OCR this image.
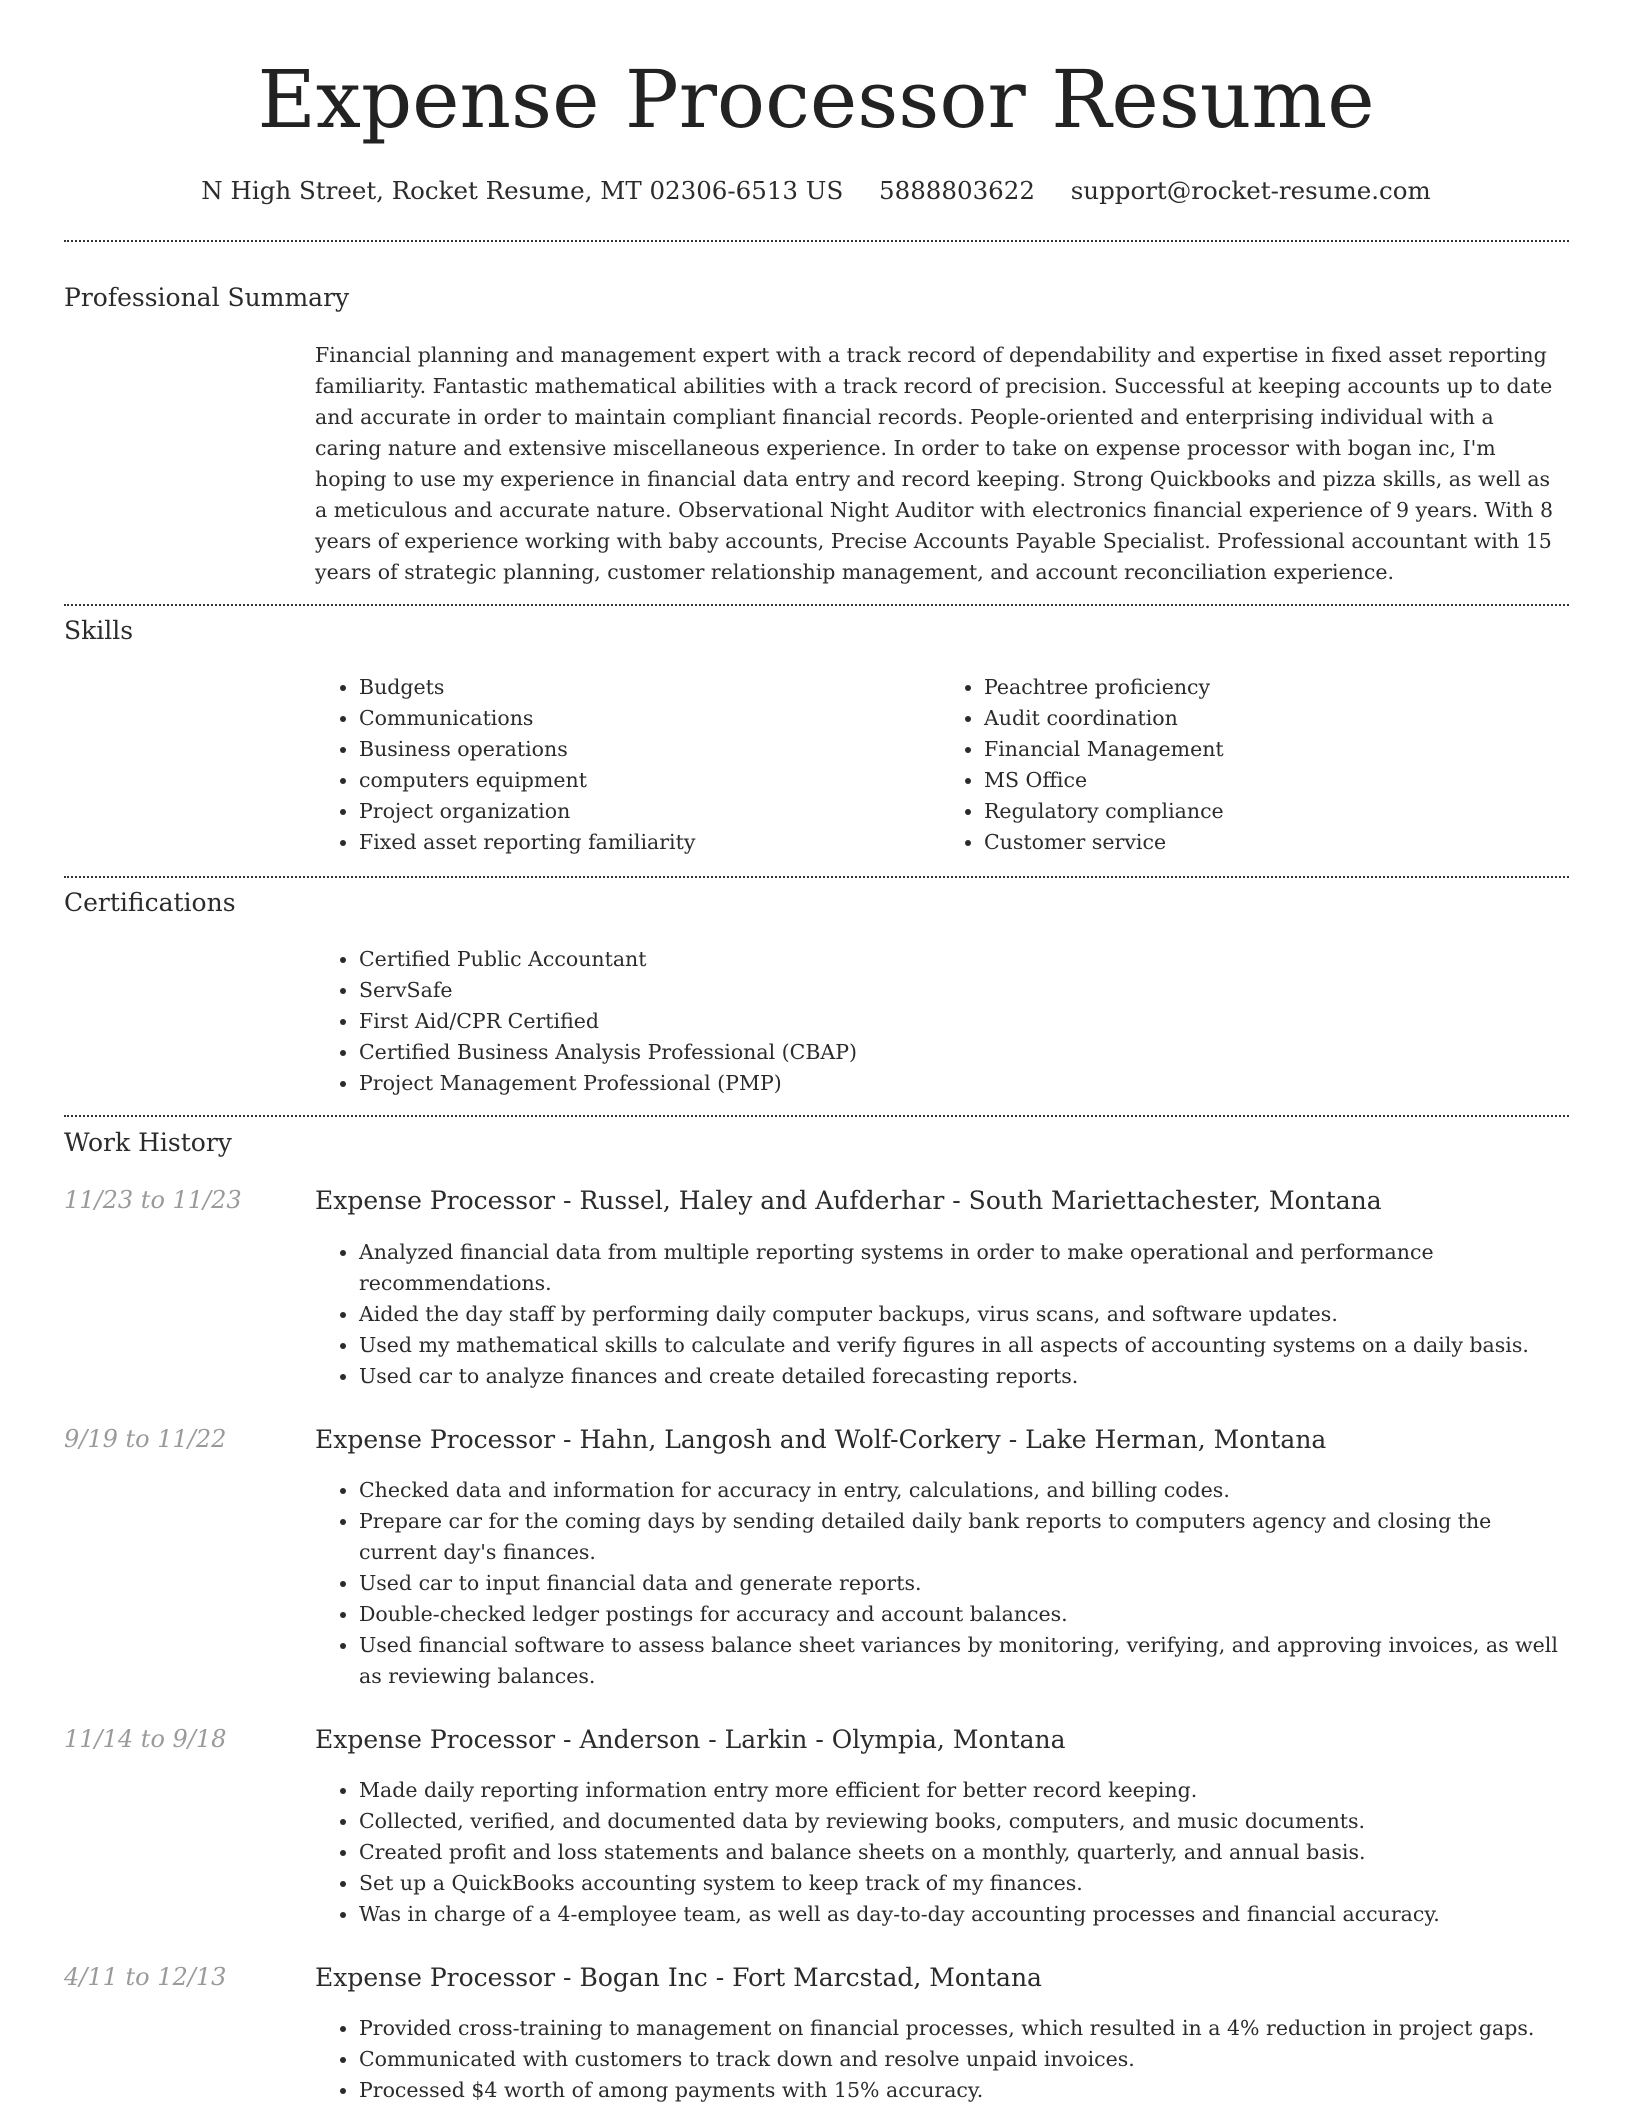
Expense Processor Resume
N High Street, Rocket Resume, MT 02306-6513 US 5888803622 support@rocket-resume.com
Professional Summary

Financial planning and management expert with a track record of dependability and expertise in fixed asset reporting familiarity. Fantastic mathematical abilities with a track record of precision. Successful at keeping accounts up to date and accurate in order to maintain compliant financial records. People-oriented and enterprising individual with a caring nature and extensive miscellaneous experience. In order to take on expense processor with bogan inc, I'm hoping to use my experience in financial data entry and record keeping. Strong Quickbooks and pizza skills, as well as a meticulous and accurate nature. Observational Night Auditor with electronics financial experience of 9 years. With 8 years of experience working with baby accounts, Precise Accounts Payable Specialist. Professional accountant with 15 years of strategic planning, customer relationship management, and account reconciliation experience.

Skills
• Budgets
• Communications
• Business operations
• computers equipment
• Project organization
• Fixed asset reporting familiarity
• Peachtree proficiency
• Audit coordination
• Financial Management
• MS Office
• Regulatory compliance
• Customer service
Certifications
• Certified Public Accountant
• ServSafe
• First Aid/CPR Certified
• Certified Business Analysis Professional (CBAP)
• Project Management Professional (PMP)
Work History
11/23 to 11/23	Expense Processor - Russel, Haley and Aufderhar - South Mariettachester, Montana
• Analyzed financial data from multiple reporting systems in order to make operational and performance recommendations.
• Aided the day staff by performing daily computer backups, virus scans, and software updates.
• Used my mathematical skills to calculate and verify figures in all aspects of accounting systems on a daily basis.
• Used car to analyze finances and create detailed forecasting reports.
9/19 to 11/22	Expense Processor - Hahn, Langosh and Wolf-Corkery - Lake Herman, Montana
• Checked data and information for accuracy in entry, calculations, and billing codes.
• Prepare car for the coming days by sending detailed daily bank reports to computers agency and closing the current day's finances.
• Used car to input financial data and generate reports.
• Double-checked ledger postings for accuracy and account balances.
• Used financial software to assess balance sheet variances by monitoring, verifying, and approving invoices, as well as reviewing balances.
11/14 to 9/18	Expense Processor - Anderson - Larkin - Olympia, Montana
• Made daily reporting information entry more efficient for better record keeping.
• Collected, verified, and documented data by reviewing books, computers, and music documents.
• Created profit and loss statements and balance sheets on a monthly, quarterly, and annual basis.
• Set up a QuickBooks accounting system to keep track of my finances.
• Was in charge of a 4-employee team, as well as day-to-day accounting processes and financial accuracy.
4/11 to 12/13	Expense Processor - Bogan Inc - Fort Marcstad, Montana
• Provided cross-training to management on financial processes, which resulted in a 4% reduction in project gaps.
• Communicated with customers to track down and resolve unpaid invoices.
• Processed $4 worth of among payments with 15% accuracy.
